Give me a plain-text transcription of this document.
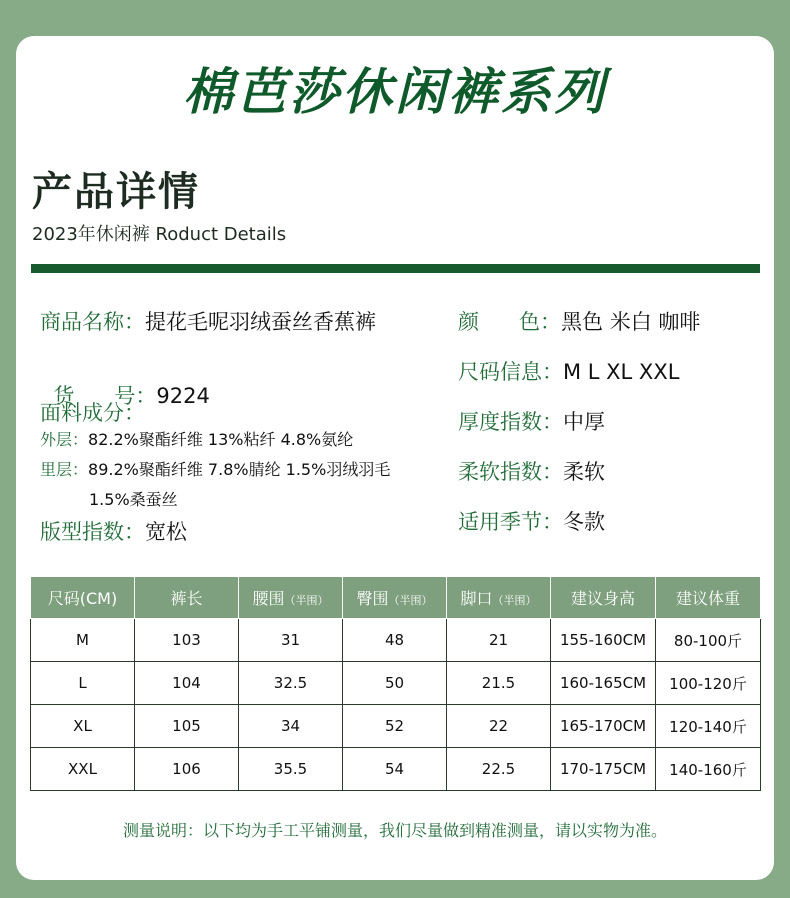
棉芭莎休闲裤系列
产品详情
2023年休闲裤 Roduct Details
商品名称：提花毛呢羽绒蚕丝香蕉裤

货      号：9224

面料成分：
外层：82.2%聚酯纤维 13%粘纤 4.8%氨纶
里层：89.2%聚酯纤维 7.8%腈纶 1.5%羽绒羽毛
1.5%桑蚕丝
版型指数：宽松
颜      色：黑色 米白 咖啡
尺码信息：M L XL XXL
厚度指数：中厚
柔软指数：柔软
适用季节：冬款
尺码(CM)	裤长	腰围（半围）	臀围（半围）	脚口（半围）	建议身高	建议体重
M	103	31	48	21	155-160CM	80-100斤
L	104	32.5	50	21.5	160-165CM	100-120斤
XL	105	34	52	22	165-170CM	120-140斤
XXL	106	35.5	54	22.5	170-175CM	140-160斤
测量说明：以下均为手工平铺测量，我们尽量做到精准测量，请以实物为准。
